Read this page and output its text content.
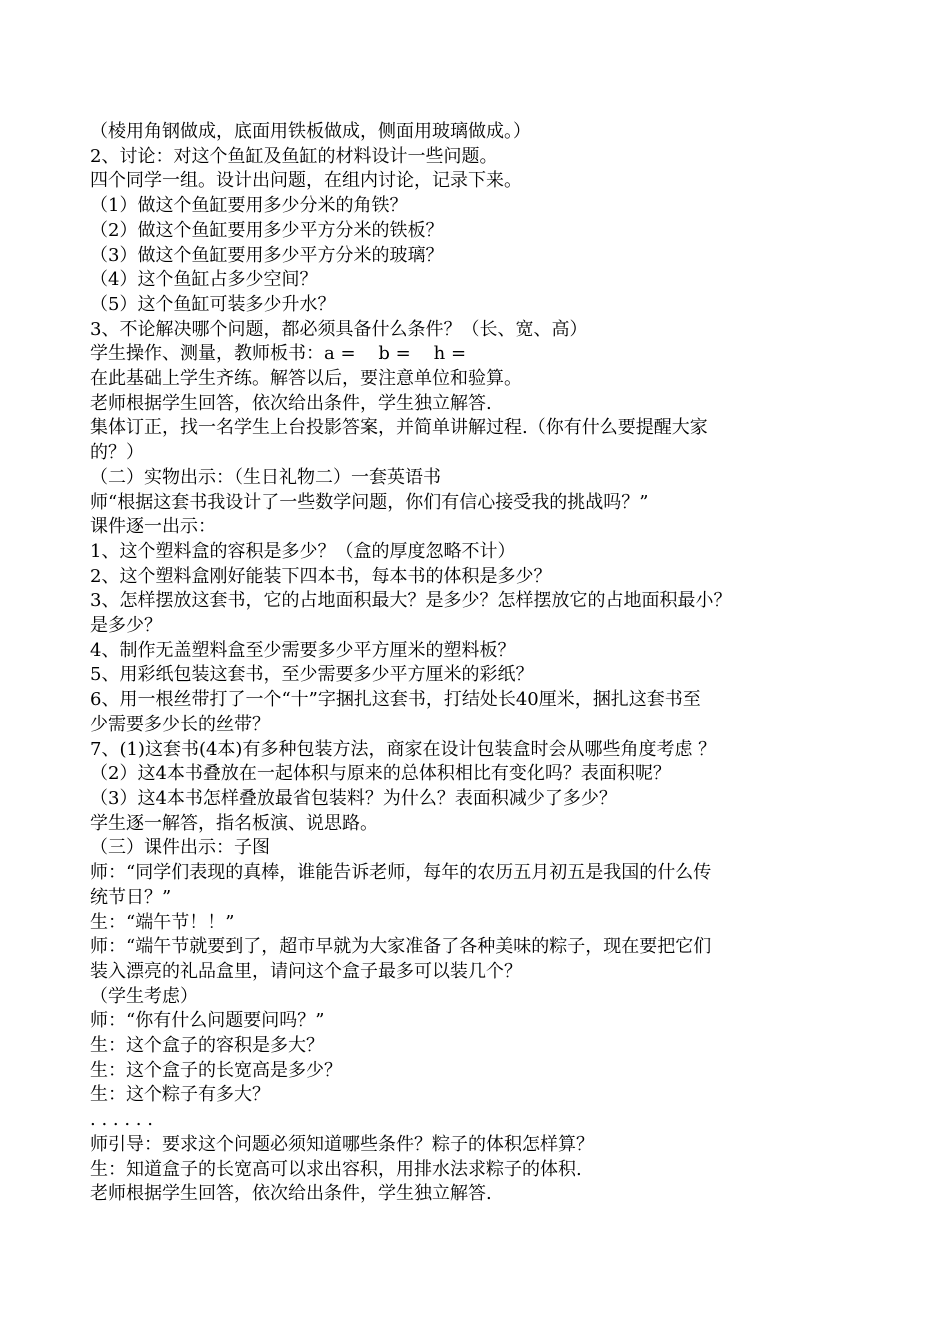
（棱用角钢做成，底面用铁板做成，侧面用玻璃做成。）

2、讨论：对这个鱼缸及鱼缸的材料设计一些问题。

四个同学一组。设计出问题，在组内讨论，记录下来。

（1）做这个鱼缸要用多少分米的角铁？

（2）做这个鱼缸要用多少平方分米的铁板？

（3）做这个鱼缸要用多少平方分米的玻璃？

（4）这个鱼缸占多少空间？

（5）这个鱼缸可装多少升水？

3、不论解决哪个问题，都必须具备什么条件？（长、宽、高）

学生操作、测量，教师板书：a =    b =    h =

在此基础上学生齐练。解答以后，要注意单位和验算。

老师根据学生回答，依次给出条件，学生独立解答.

集体订正，找一名学生上台投影答案，并简单讲解过程.（你有什么要提醒大家

的？）

（二）实物出示：（生日礼物二）一套英语书

师“根据这套书我设计了一些数学问题，你们有信心接受我的挑战吗？”

课件逐一出示：

1、这个塑料盒的容积是多少？（盒的厚度忽略不计）

2、这个塑料盒刚好能装下四本书，每本书的体积是多少？

3、怎样摆放这套书，它的占地面积最大？是多少？怎样摆放它的占地面积最小？

是多少？

4、制作无盖塑料盒至少需要多少平方厘米的塑料板？

5、用彩纸包装这套书，至少需要多少平方厘米的彩纸？

6、用一根丝带打了一个“十”字捆扎这套书，打结处长40厘米，捆扎这套书至

少需要多少长的丝带？

7、(1)这套书(4本)有多种包装方法，商家在设计包装盒时会从哪些角度考虑 ？

（2）这4本书叠放在一起体积与原来的总体积相比有变化吗？表面积呢？

（3）这4本书怎样叠放最省包装料？为什么？表面积减少了多少？

学生逐一解答，指名板演、说思路。

（三）课件出示：子图

师：“同学们表现的真棒，谁能告诉老师，每年的农历五月初五是我国的什么传

统节日？”

生：“端午节！！”

师：“端午节就要到了，超市早就为大家准备了各种美味的粽子，现在要把它们

装入漂亮的礼品盒里，请问这个盒子最多可以装几个？

（学生考虑）

师：“你有什么问题要问吗？”

生：这个盒子的容积是多大？

生：这个盒子的长宽高是多少？

生：这个粽子有多大？

. . . . . .

师引导：要求这个问题必须知道哪些条件？粽子的体积怎样算？

生：知道盒子的长宽高可以求出容积，用排水法求粽子的体积.

老师根据学生回答，依次给出条件，学生独立解答.
